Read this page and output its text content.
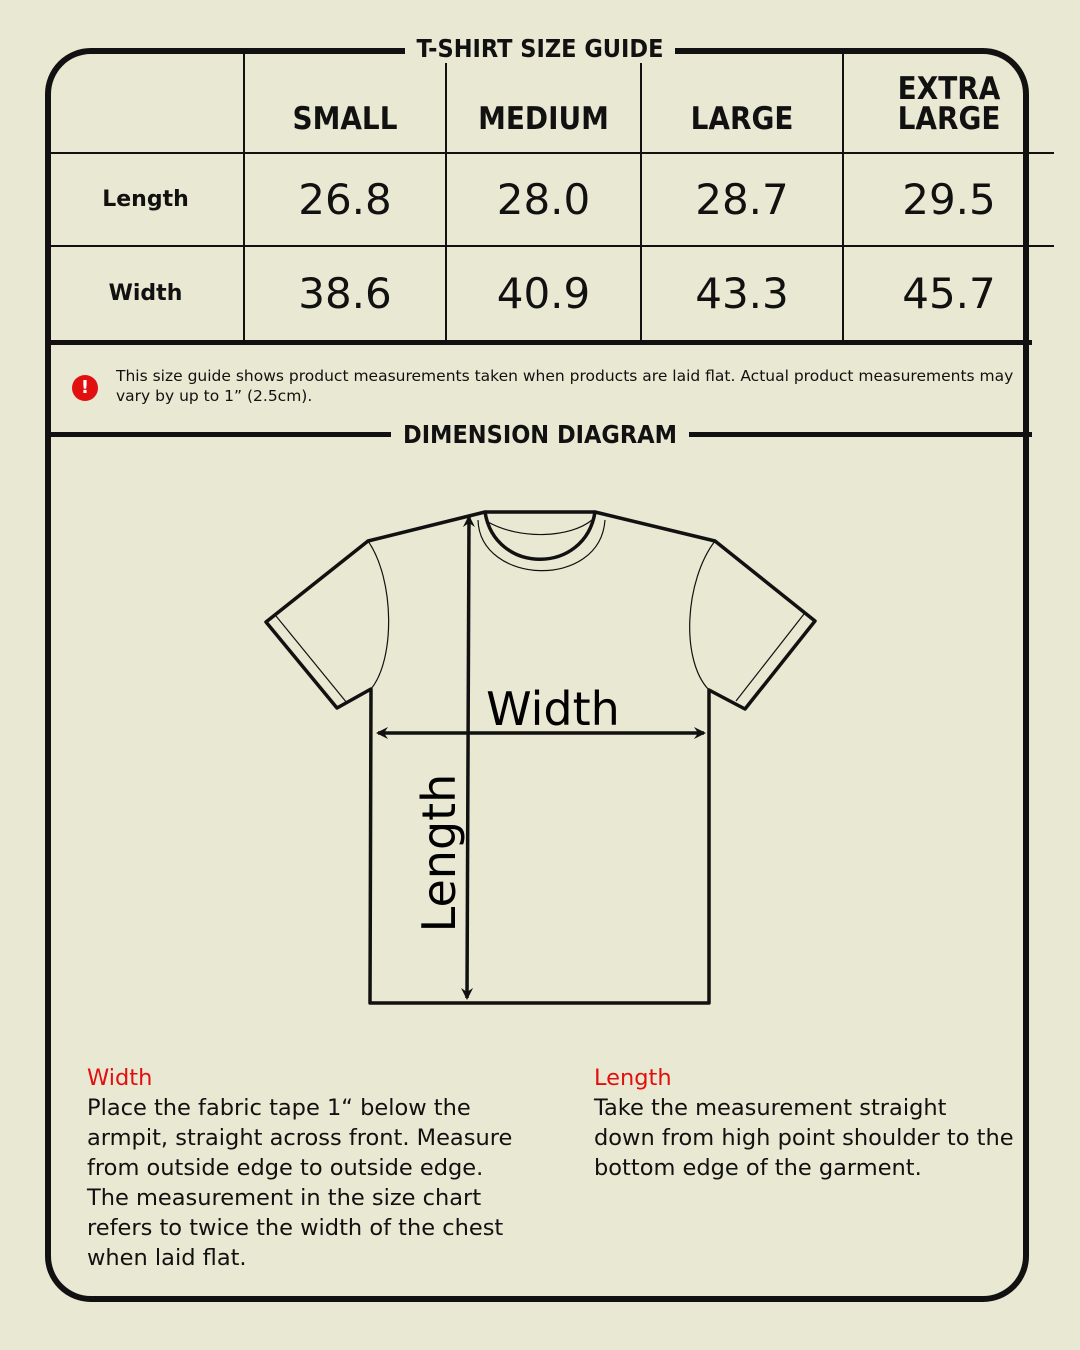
	SMALL	MEDIUM	LARGE	EXTRA LARGE
Length	26.8	28.0	28.7	29.5
Width	38.6	40.9	43.3	45.7
T-SHIRT SIZE GUIDE
!
This size guide shows product measurements taken when products are laid flat. Actual product measurements may vary by up to 1” (2.5cm).
DIMENSION DIAGRAM
Width
Length
Width
Place the fabric tape 1“ below the armpit, straight across front. Measure from outside edge to outside edge. The measurement in the size chart refers to twice the width of the chest when laid flat.
Length
Take the measurement straight down from high point shoulder to the bottom edge of the garment.
